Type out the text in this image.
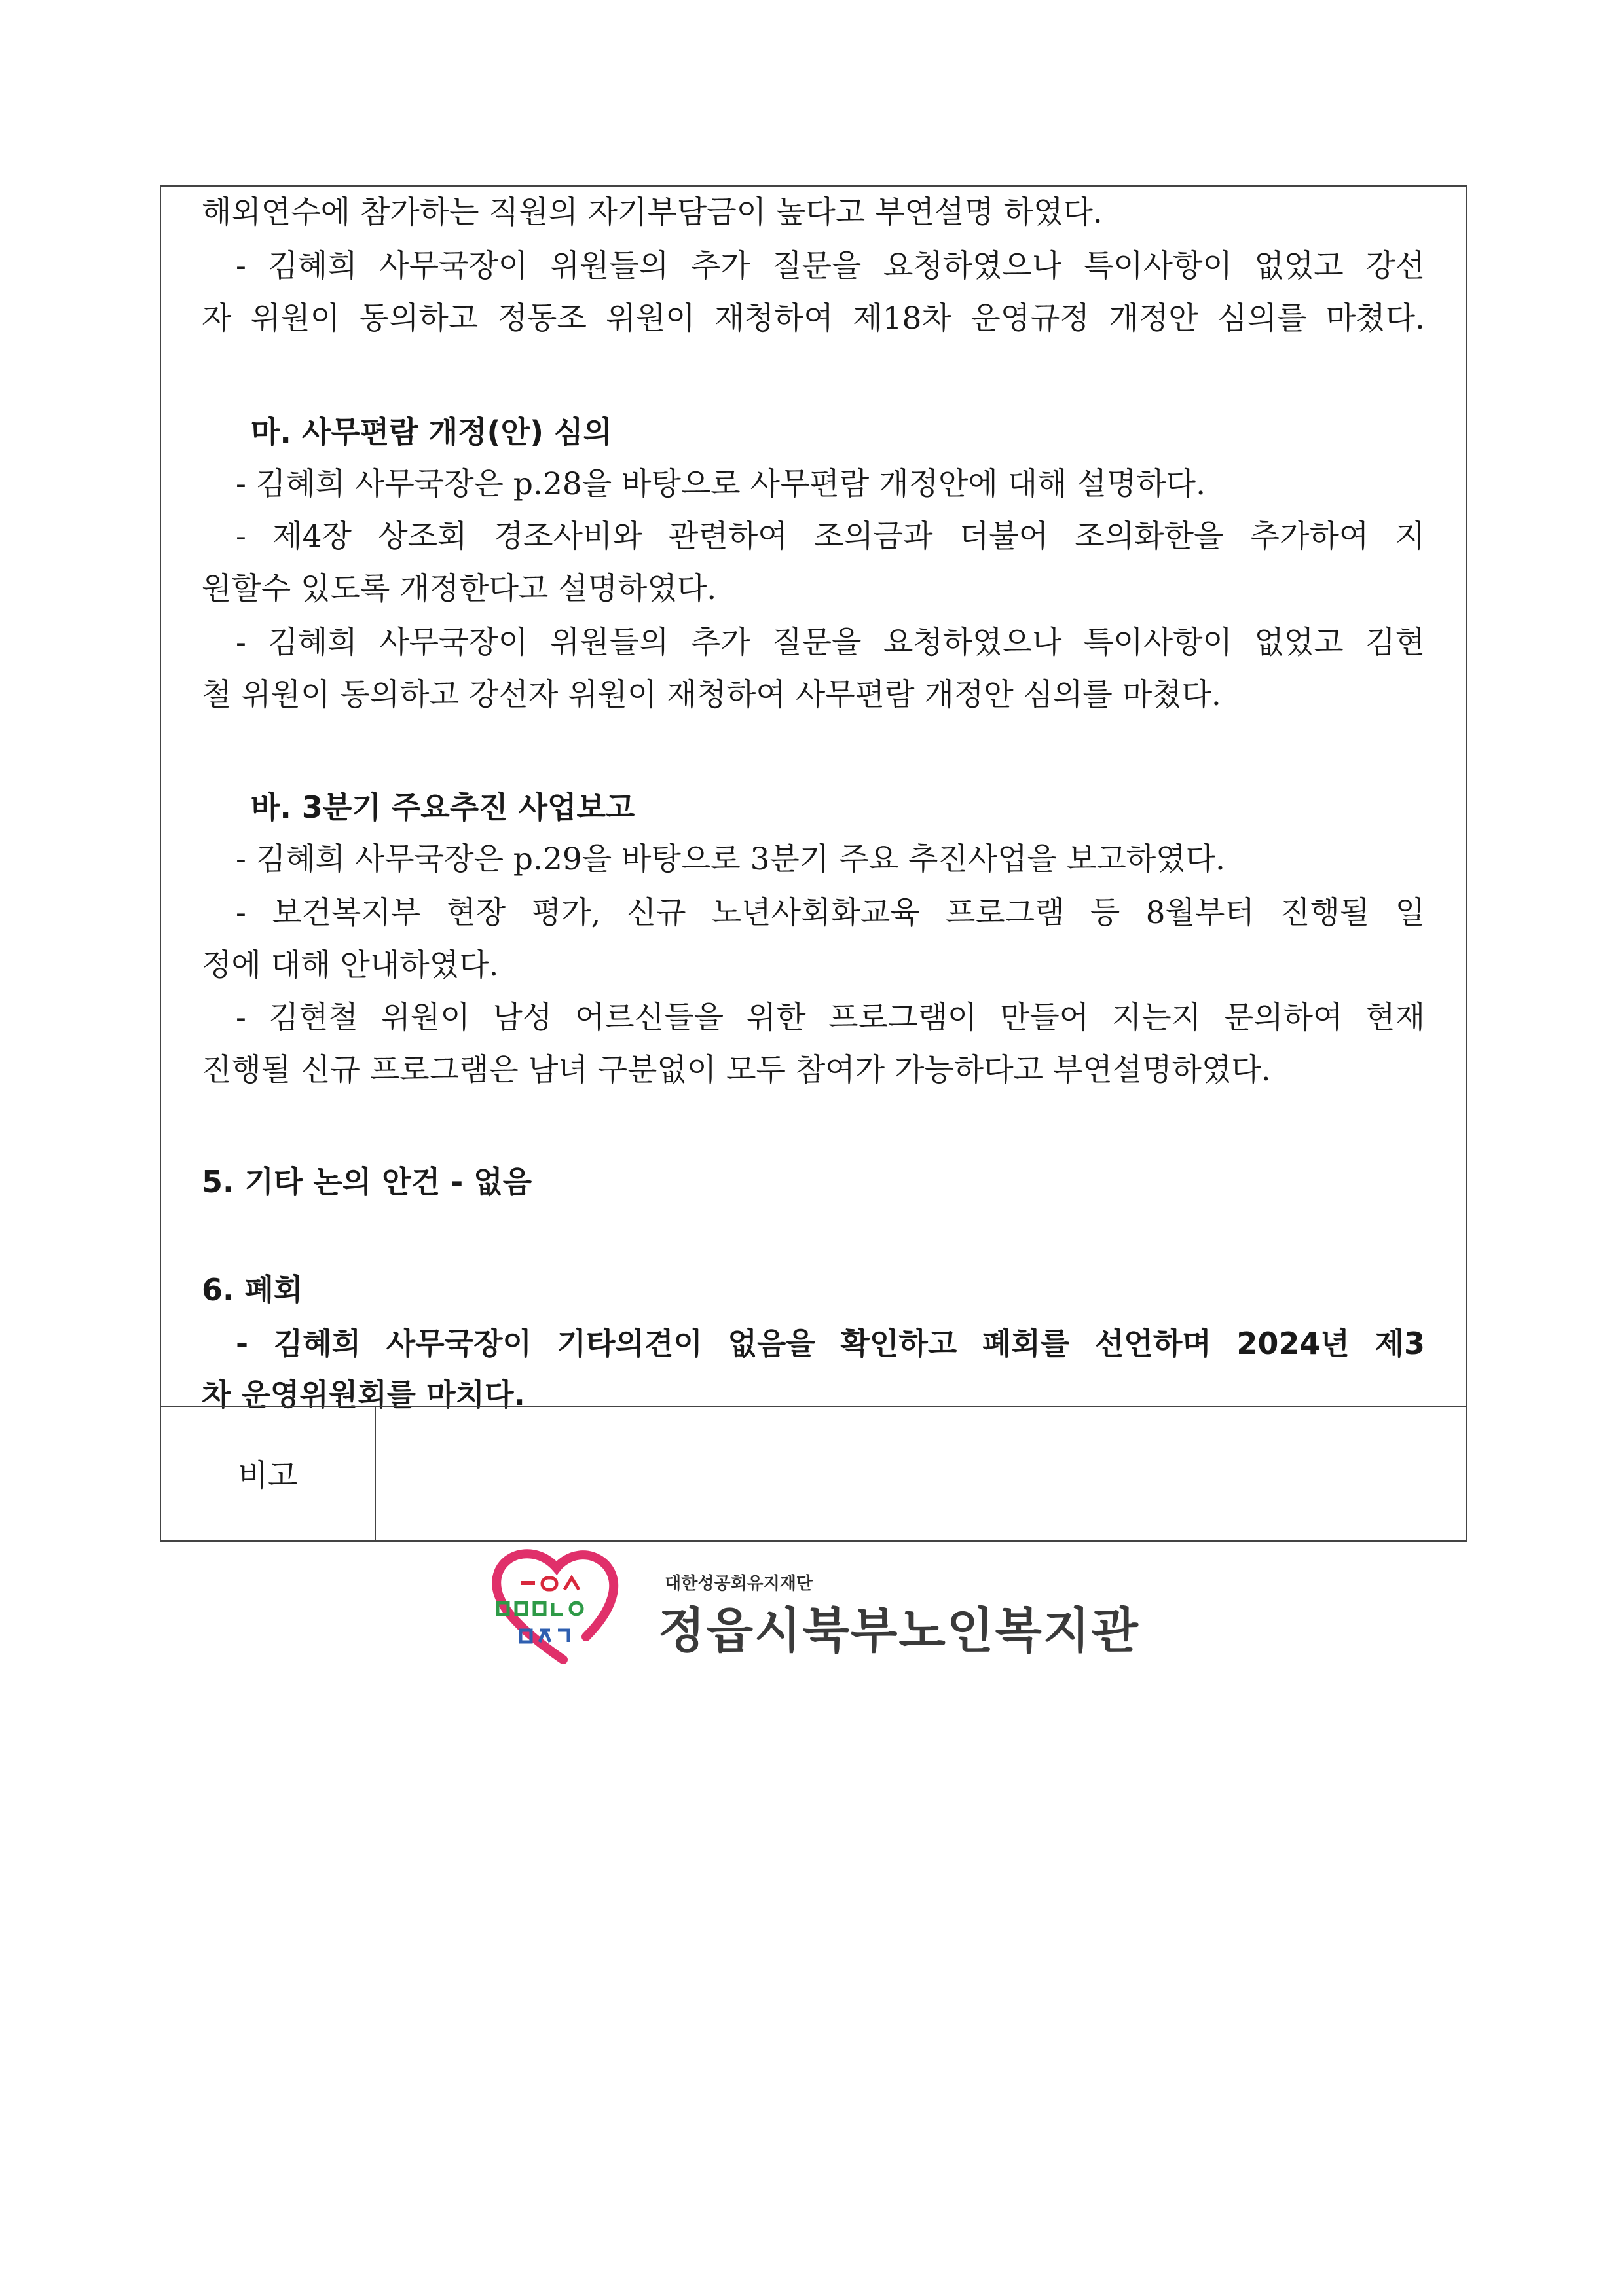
해외연수에 참가하는 직원의 자기부담금이 높다고 부연설명 하였다.
- 김혜희 사무국장이 위원들의 추가 질문을 요청하였으나 특이사항이 없었고 강선
자 위원이 동의하고 정동조 위원이 재청하여 제18차 운영규정 개정안 심의를 마쳤다.
마. 사무편람 개정(안) 심의
- 김혜희 사무국장은 p.28을 바탕으로 사무편람 개정안에 대해 설명하다.
- 제4장 상조회 경조사비와 관련하여 조의금과 더불어 조의화한을 추가하여 지
원할수 있도록 개정한다고 설명하였다.
- 김혜희 사무국장이 위원들의 추가 질문을 요청하였으나 특이사항이 없었고 김현
철 위원이 동의하고 강선자 위원이 재청하여 사무편람 개정안 심의를 마쳤다.
바. 3분기 주요추진 사업보고
- 김혜희 사무국장은 p.29을 바탕으로 3분기 주요 추진사업을 보고하였다.
- 보건복지부 현장 평가, 신규 노년사회화교육 프로그램 등 8월부터 진행될 일
정에 대해 안내하였다.
- 김현철 위원이 남성 어르신들을 위한 프로그램이 만들어 지는지 문의하여 현재
진행될 신규 프로그램은 남녀 구분없이 모두 참여가 가능하다고 부연설명하였다.
5. 기타 논의 안건 - 없음
6. 폐회
- 김혜희 사무국장이 기타의견이 없음을 확인하고 폐회를 선언하며 2024년 제3
차 운영위원회를 마치다.
비고
대한성공회유지재단
정읍시북부노인복지관
